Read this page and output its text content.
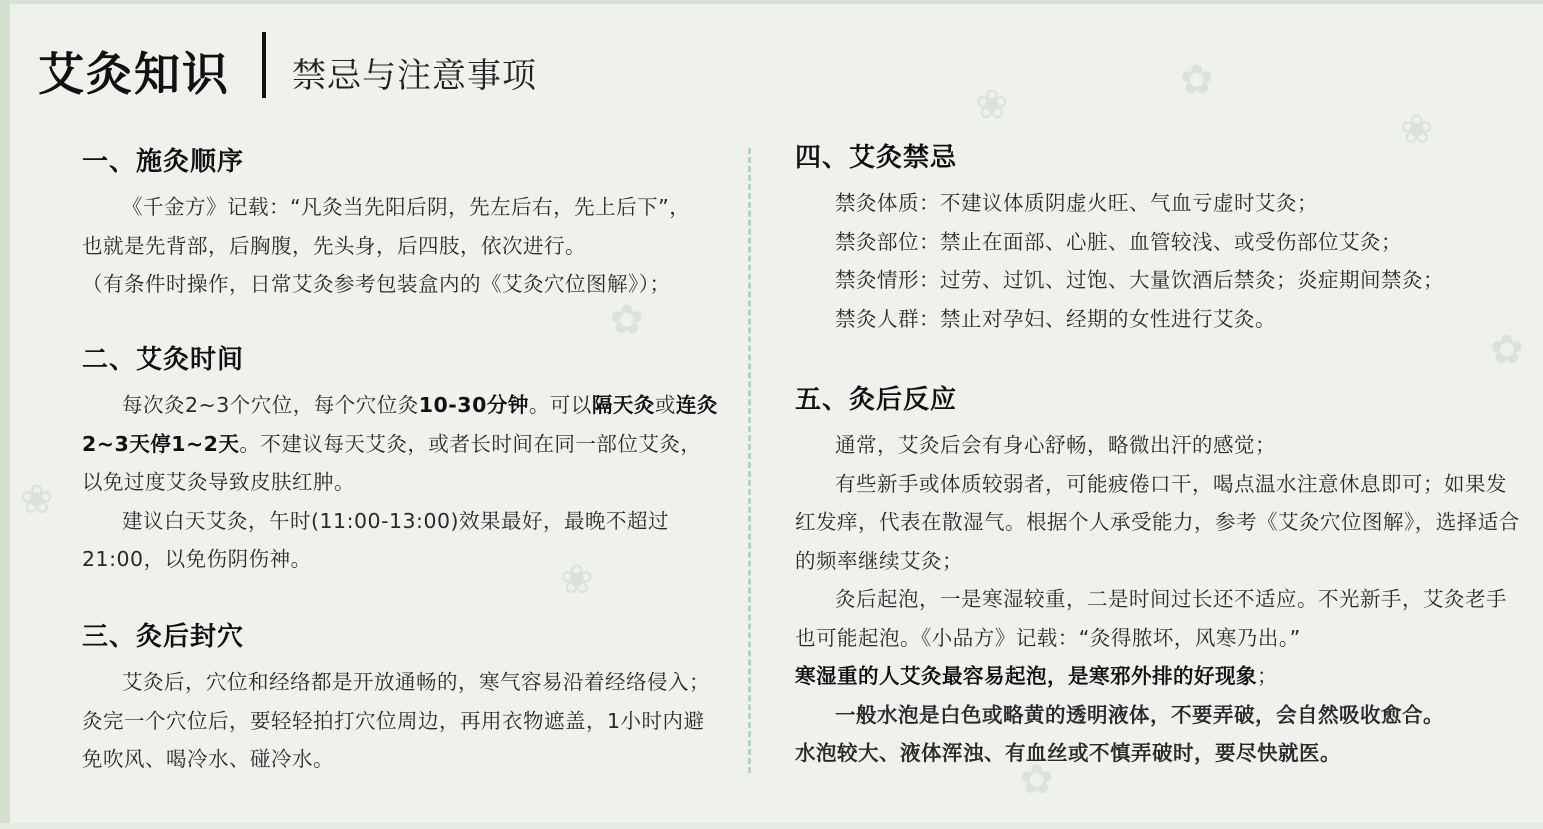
❀
✿
❀
✿
❀
✿
❀
✿
艾灸知识 禁忌与注意事项
一、施灸顺序

《千金方》记载：“凡灸当先阳后阴，先左后右，先上后下”，

也就是先背部，后胸腹，先头身，后四肢，依次进行。

（有条件时操作，日常艾灸参考包装盒内的《艾灸穴位图解》）；

二、艾灸时间

每次灸2~3个穴位，每个穴位灸10-30分钟。可以隔天灸或连灸2~3天停1~2天。不建议每天艾灸，或者长时间在同一部位艾灸，以免过度艾灸导致皮肤红肿。

建议白天艾灸，午时(11:00-13:00)效果最好，最晚不超过21:00，以免伤阴伤神。

三、灸后封穴

艾灸后，穴位和经络都是开放通畅的，寒气容易沿着经络侵入；灸完一个穴位后，要轻轻拍打穴位周边，再用衣物遮盖，1小时内避免吹风、喝冷水、碰冷水。

四、艾灸禁忌

禁灸体质：不建议体质阴虚火旺、气血亏虚时艾灸；

禁灸部位：禁止在面部、心脏、血管较浅、或受伤部位艾灸；

禁灸情形：过劳、过饥、过饱、大量饮酒后禁灸；炎症期间禁灸；

禁灸人群：禁止对孕妇、经期的女性进行艾灸。

五、灸后反应

通常，艾灸后会有身心舒畅，略微出汗的感觉；

有些新手或体质较弱者，可能疲倦口干，喝点温水注意休息即可；如果发红发痒，代表在散湿气。根据个人承受能力，参考《艾灸穴位图解》，选择适合的频率继续艾灸；

灸后起泡，一是寒湿较重，二是时间过长还不适应。不光新手，艾灸老手也可能起泡。《小品方》记载：“灸得脓坏，风寒乃出。”

寒湿重的人艾灸最容易起泡，是寒邪外排的好现象；

一般水泡是白色或略黄的透明液体，不要弄破，会自然吸收愈合。

水泡较大、液体浑浊、有血丝或不慎弄破时，要尽快就医。
